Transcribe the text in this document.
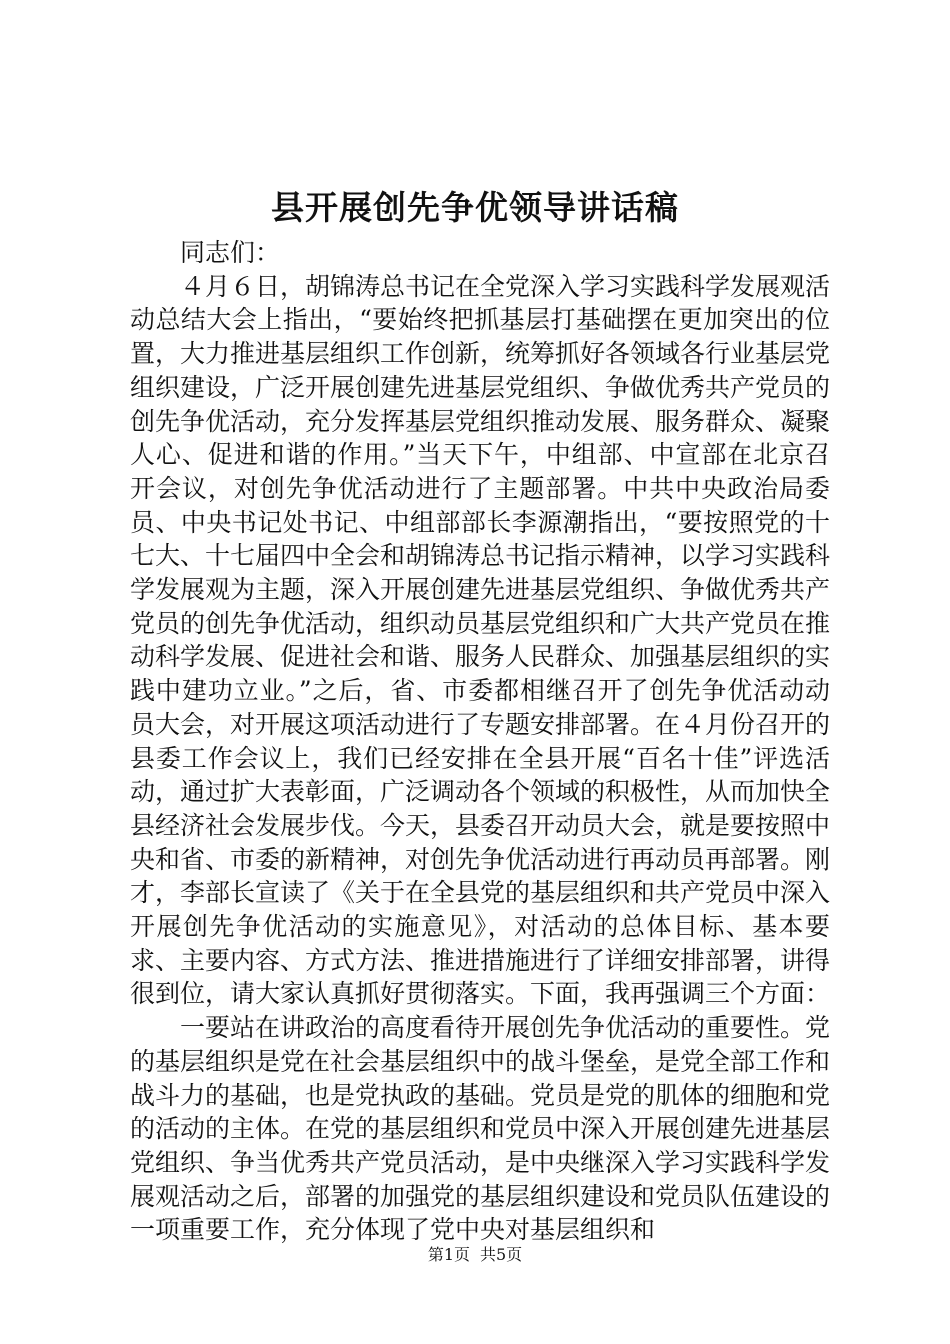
县开展创先争优领导讲话稿

同志们：

４月６日，胡锦涛总书记在全党深入学习实践科学发展观活动总结大会上指出，“要始终把抓基层打基础摆在更加突出的位置，大力推进基层组织工作创新，统筹抓好各领域各行业基层党组织建设，广泛开展创建先进基层党组织、争做优秀共产党员的创先争优活动，充分发挥基层党组织推动发展、服务群众、凝聚人心、促进和谐的作用。”当天下午，中组部、中宣部在北京召开会议，对创先争优活动进行了主题部署。中共中央政治局委员、中央书记处书记、中组部部长李源潮指出，“要按照党的十七大、十七届四中全会和胡锦涛总书记指示精神，以学习实践科学发展观为主题，深入开展创建先进基层党组织、争做优秀共产党员的创先争优活动，组织动员基层党组织和广大共产党员在推动科学发展、促进社会和谐、服务人民群众、加强基层组织的实践中建功立业。”之后，省、市委都相继召开了创先争优活动动员大会，对开展这项活动进行了专题安排部署。在４月份召开的县委工作会议上，我们已经安排在全县开展“百名十佳”评选活动，通过扩大表彰面，广泛调动各个领域的积极性，从而加快全县经济社会发展步伐。今天，县委召开动员大会，就是要按照中央和省、市委的新精神，对创先争优活动进行再动员再部署。刚才，李部长宣读了《关于在全县党的基层组织和共产党员中深入开展创先争优活动的实施意见》，对活动的总体目标、基本要求、主要内容、方式方法、推进措施进行了详细安排部署，讲得很到位，请大家认真抓好贯彻落实。下面，我再强调三个方面：

一要站在讲政治的高度看待开展创先争优活动的重要性。党的基层组织是党在社会基层组织中的战斗堡垒，是党全部工作和战斗力的基础，也是党执政的基础。党员是党的肌体的细胞和党的活动的主体。在党的基层组织和党员中深入开展创建先进基层党组织、争当优秀共产党员活动，是中央继深入学习实践科学发展观活动之后，部署的加强党的基层组织建设和党员队伍建设的一项重要工作，充分体现了党中央对基层组织和

第1页 共5页
